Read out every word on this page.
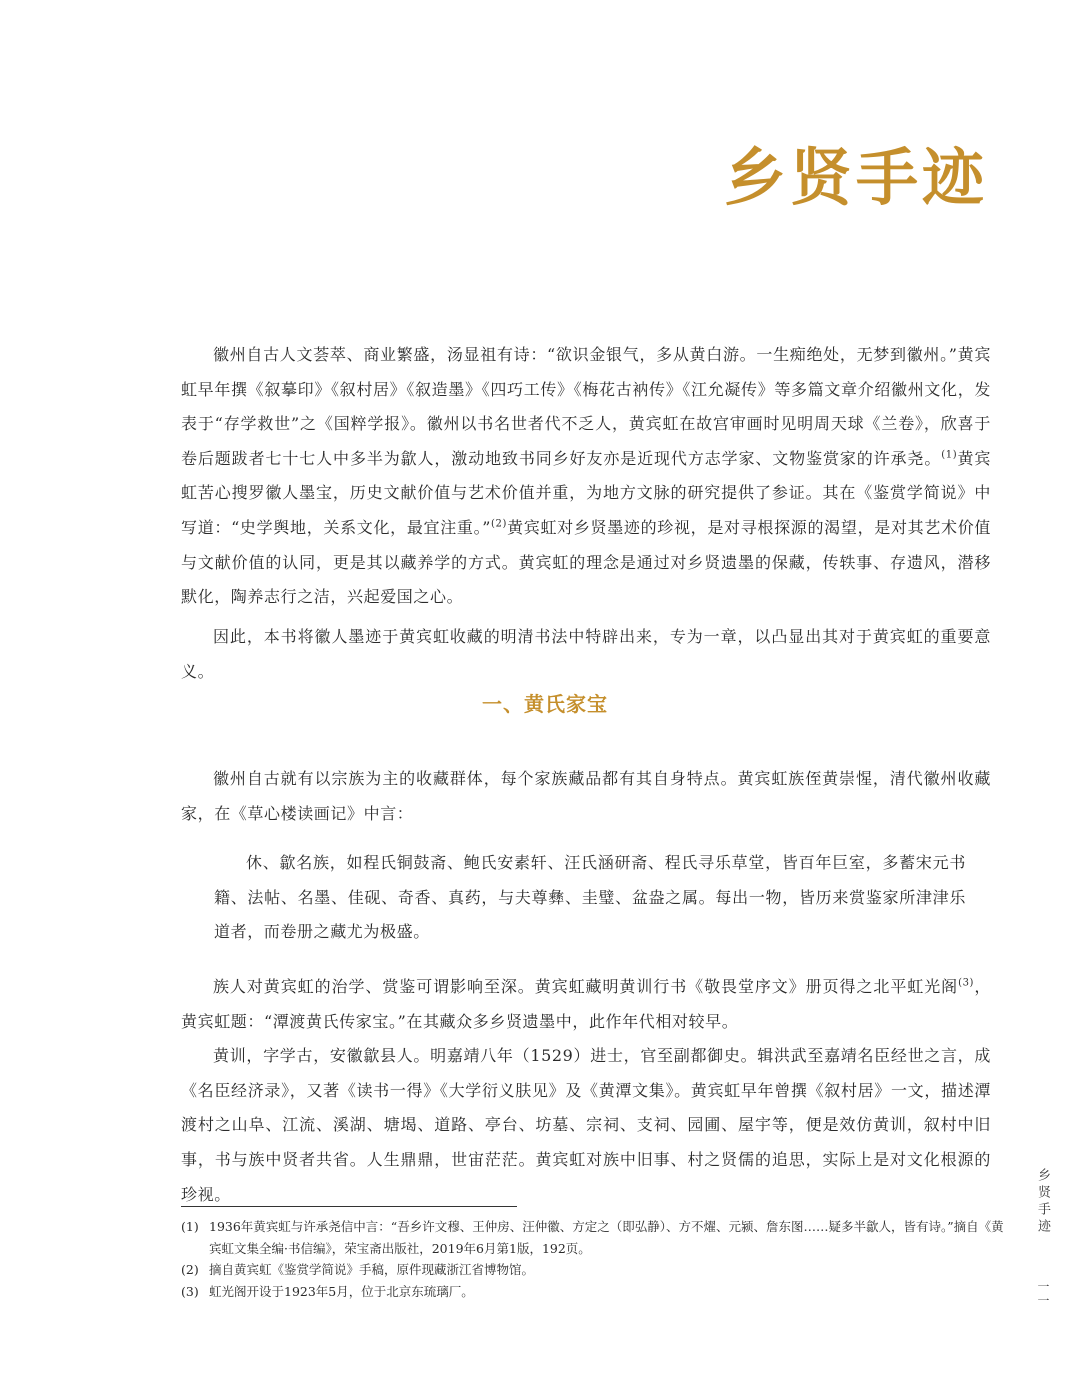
乡贤手迹

徽州自古人文荟萃、商业繁盛，汤显祖有诗：“欲识金银气，多从黄白游。一生痴绝处，无梦到徽州。”黄宾虹早年撰《叙摹印》《叙村居》《叙造墨》《四巧工传》《梅花古衲传》《江允凝传》等多篇文章介绍徽州文化，发表于“存学救世”之《国粹学报》。徽州以书名世者代不乏人，黄宾虹在故宫审画时见明周天球《兰卷》，欣喜于卷后题跋者七十七人中多半为歙人，激动地致书同乡好友亦是近现代方志学家、文物鉴赏家的许承尧。$^{(1)}$黄宾虹苦心搜罗徽人墨宝，历史文献价值与艺术价值并重，为地方文脉的研究提供了参证。其在《鉴赏学简说》中写道：“史学舆地，关系文化，最宜注重。”$^{(2)}$黄宾虹对乡贤墨迹的珍视，是对寻根探源的渴望，是对其艺术价值与文献价值的认同，更是其以藏养学的方式。黄宾虹的理念是通过对乡贤遗墨的保藏，传轶事、存遗风，潜移默化，陶养志行之洁，兴起爱国之心。

因此，本书将徽人墨迹于黄宾虹收藏的明清书法中特辟出来，专为一章，以凸显出其对于黄宾虹的重要意义。

一、黄氏家宝

徽州自古就有以宗族为主的收藏群体，每个家族藏品都有其自身特点。黄宾虹族侄黄崇惺，清代徽州收藏家，在《草心楼读画记》中言：

休、歙名族，如程氏铜鼓斋、鲍氏安素轩、汪氏涵研斋、程氏寻乐草堂，皆百年巨室，多蓄宋元书籍、法帖、名墨、佳砚、奇香、真药，与夫尊彝、圭璧、盆盎之属。每出一物，皆历来赏鉴家所津津乐道者，而卷册之藏尤为极盛。

族人对黄宾虹的治学、赏鉴可谓影响至深。黄宾虹藏明黄训行书《敬畏堂序文》册页得之北平虹光阁$^{(3)}$，黄宾虹题：“潭渡黄氏传家宝。”在其藏众多乡贤遗墨中，此作年代相对较早。

黄训，字学古，安徽歙县人。明嘉靖八年（1529）进士，官至副都御史。辑洪武至嘉靖名臣经世之言，成《名臣经济录》，又著《读书一得》《大学衍义肤见》及《黄潭文集》。黄宾虹早年曾撰《叙村居》一文，描述潭渡村之山阜、江流、溪湖、塘堨、道路、亭台、坊墓、宗祠、支祠、园圃、屋宇等，便是效仿黄训，叙村中旧事，书与族中贤者共省。人生鼎鼎，世宙茫茫。黄宾虹对族中旧事、村之贤儒的追思，实际上是对文化根源的珍视。

(1) 1936年黄宾虹与许承尧信中言：“吾乡许文穆、王仲房、汪仲徽、方定之（即弘静）、方不燿、元颍、詹东图……疑多半歙人，皆有诗。”摘自《黄宾虹文集全编·书信编》，荣宝斋出版社，2019年6月第1版，192页。
(2) 摘自黄宾虹《鉴赏学简说》手稿，原件现藏浙江省博物馆。
(3) 虹光阁开设于1923年5月，位于北京东琉璃厂。
乡贤手迹
一一
